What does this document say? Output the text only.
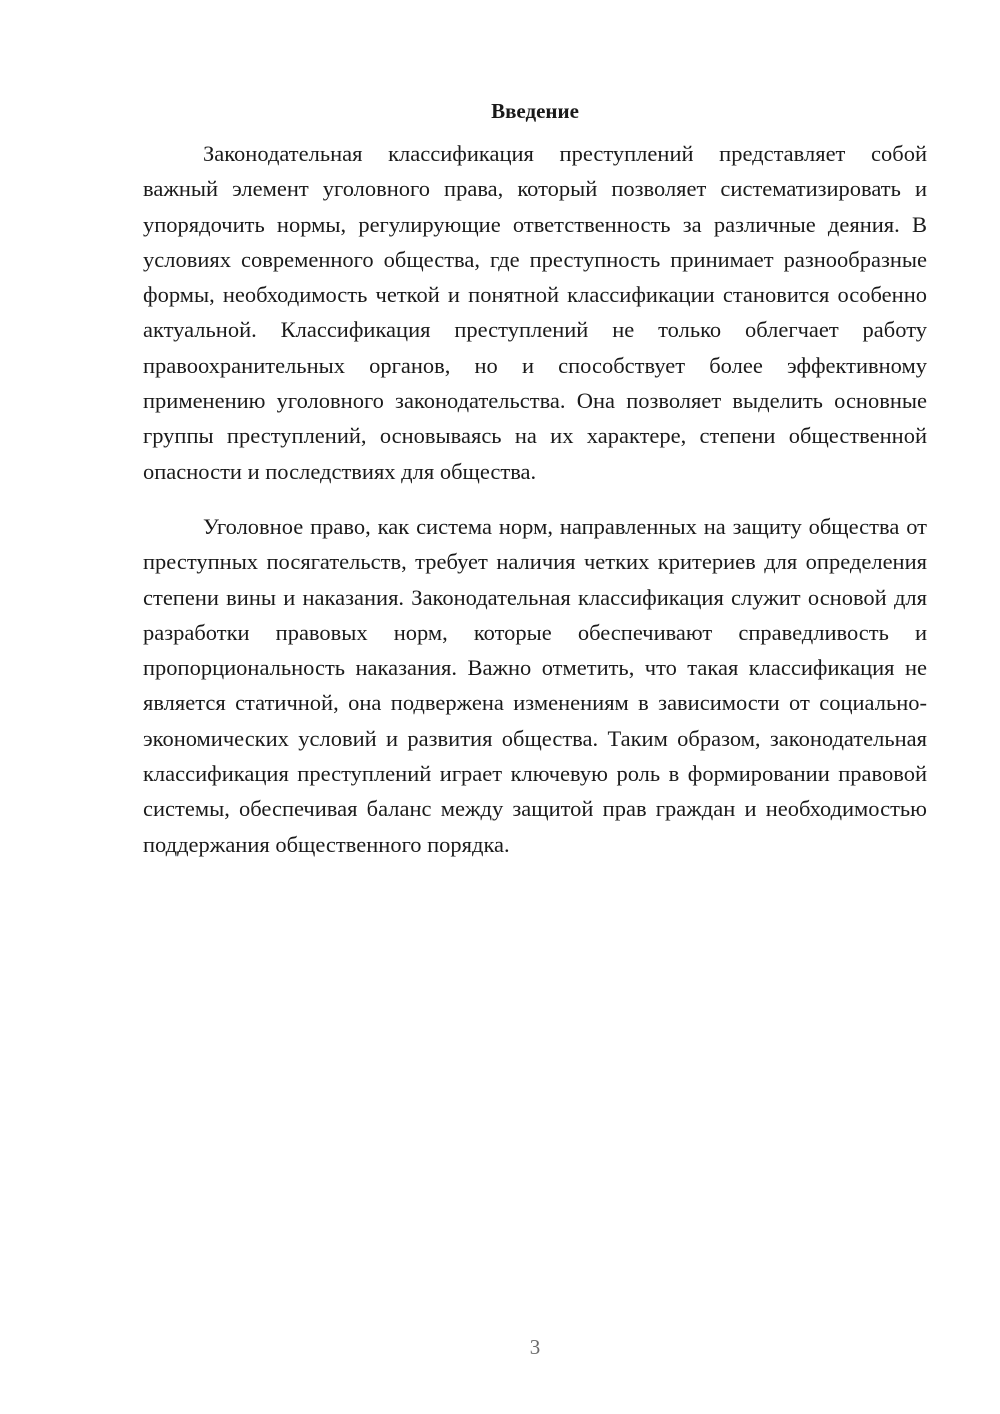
Введение

Законодательная классификация преступлений представляет собой важный элемент уголовного права, который позволяет систематизировать и упорядочить нормы, регулирующие ответственность за различные деяния. В условиях современного общества, где преступность принимает разнообразные формы, необходимость четкой и понятной классификации становится особенно актуальной. Классификация преступлений не только облегчает работу правоохранительных органов, но и способствует более эффективному применению уголовного законодательства. Она позволяет выделить основные группы преступлений, основываясь на их характере, степени общественной опасности и последствиях для общества.

Уголовное право, как система норм, направленных на защиту общества от преступных посягательств, требует наличия четких критериев для определения степени вины и наказания. Законодательная классификация служит основой для разработки правовых норм, которые обеспечивают справедливость и пропорциональность наказания. Важно отметить, что такая классификация не является статичной, она подвержена изменениям в зависимости от социально-экономических условий и развития общества. Таким образом, законодательная классификация преступлений играет ключевую роль в формировании правовой системы, обеспечивая баланс между защитой прав граждан и необходимостью поддержания общественного порядка.

3
